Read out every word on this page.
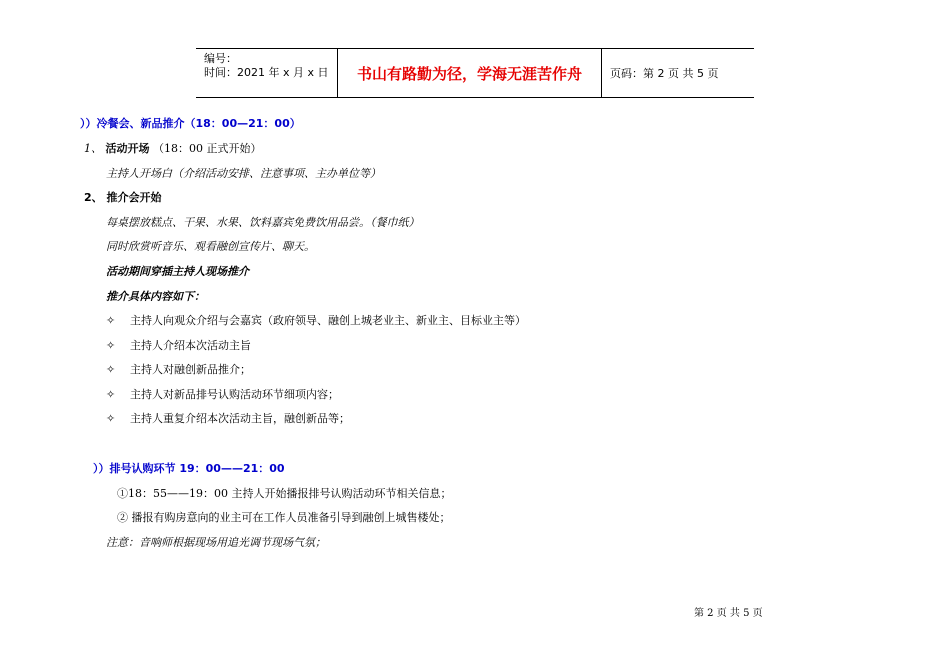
编号：
时间：2021 年 x 月 x 日	书山有路勤为径，学海无涯苦作舟	页码：第 2 页 共 5 页
））冷餐会、新品推介（18：00—21：00）
1、 活动开场 （18：00 正式开始）
主持人开场白（介绍活动安排、注意事项、主办单位等）
2、 推介会开始
每桌摆放糕点、干果、水果、饮料嘉宾免费饮用品尝。（餐巾纸）
同时欣赏听音乐、观看融创宣传片、聊天。
活动期间穿插主持人现场推介
推介具体内容如下：
✧ 主持人向观众介绍与会嘉宾（政府领导、融创上城老业主、新业主、目标业主等）
✧ 主持人介绍本次活动主旨
✧ 主持人对融创新品推介；
✧ 主持人对新品排号认购活动环节细项内容；
✧ 主持人重复介绍本次活动主旨，融创新品等；
））排号认购环节 19：00——21：00
①18：55——19：00 主持人开始播报排号认购活动环节相关信息；
② 播报有购房意向的业主可在工作人员准备引导到融创上城售楼处；
注意：音响师根据现场用追光调节现场气氛；
第 2 页 共 5 页
